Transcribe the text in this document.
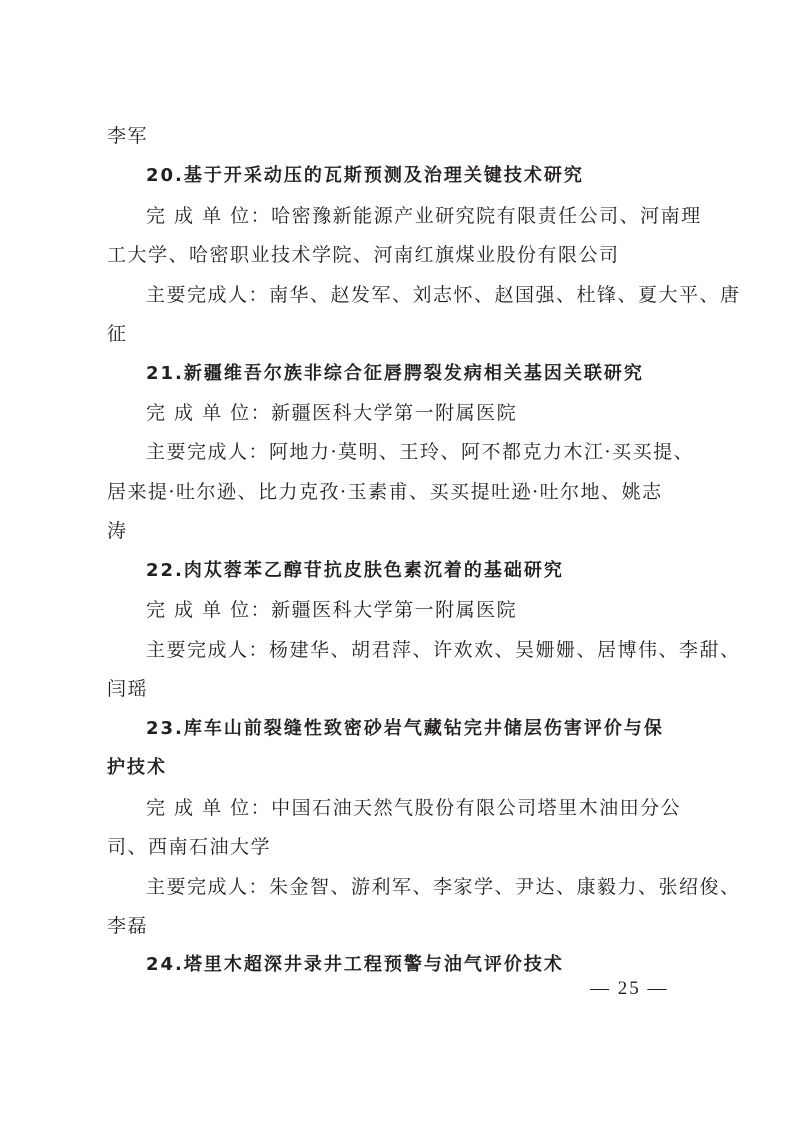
李军
20.基于开采动压的瓦斯预测及治理关键技术研究
完 成 单 位：哈密豫新能源产业研究院有限责任公司、河南理
工大学、哈密职业技术学院、河南红旗煤业股份有限公司
主要完成人：南华、赵发军、刘志怀、赵国强、杜锋、夏大平、唐
征
21.新疆维吾尔族非综合征唇腭裂发病相关基因关联研究
完 成 单 位：新疆医科大学第一附属医院
主要完成人：阿地力·莫明、王玲、阿不都克力木江·买买提、
居来提·吐尔逊、比力克孜·玉素甫、买买提吐逊·吐尔地、姚志
涛
22.肉苁蓉苯乙醇苷抗皮肤色素沉着的基础研究
完 成 单 位：新疆医科大学第一附属医院
主要完成人：杨建华、胡君萍、许欢欢、吴姗姗、居博伟、李甜、
闫瑶
23.库车山前裂缝性致密砂岩气藏钻完井储层伤害评价与保
护技术
完 成 单 位：中国石油天然气股份有限公司塔里木油田分公
司、西南石油大学
主要完成人：朱金智、游利军、李家学、尹达、康毅力、张绍俊、
李磊
24.塔里木超深井录井工程预警与油气评价技术
— 25 —
